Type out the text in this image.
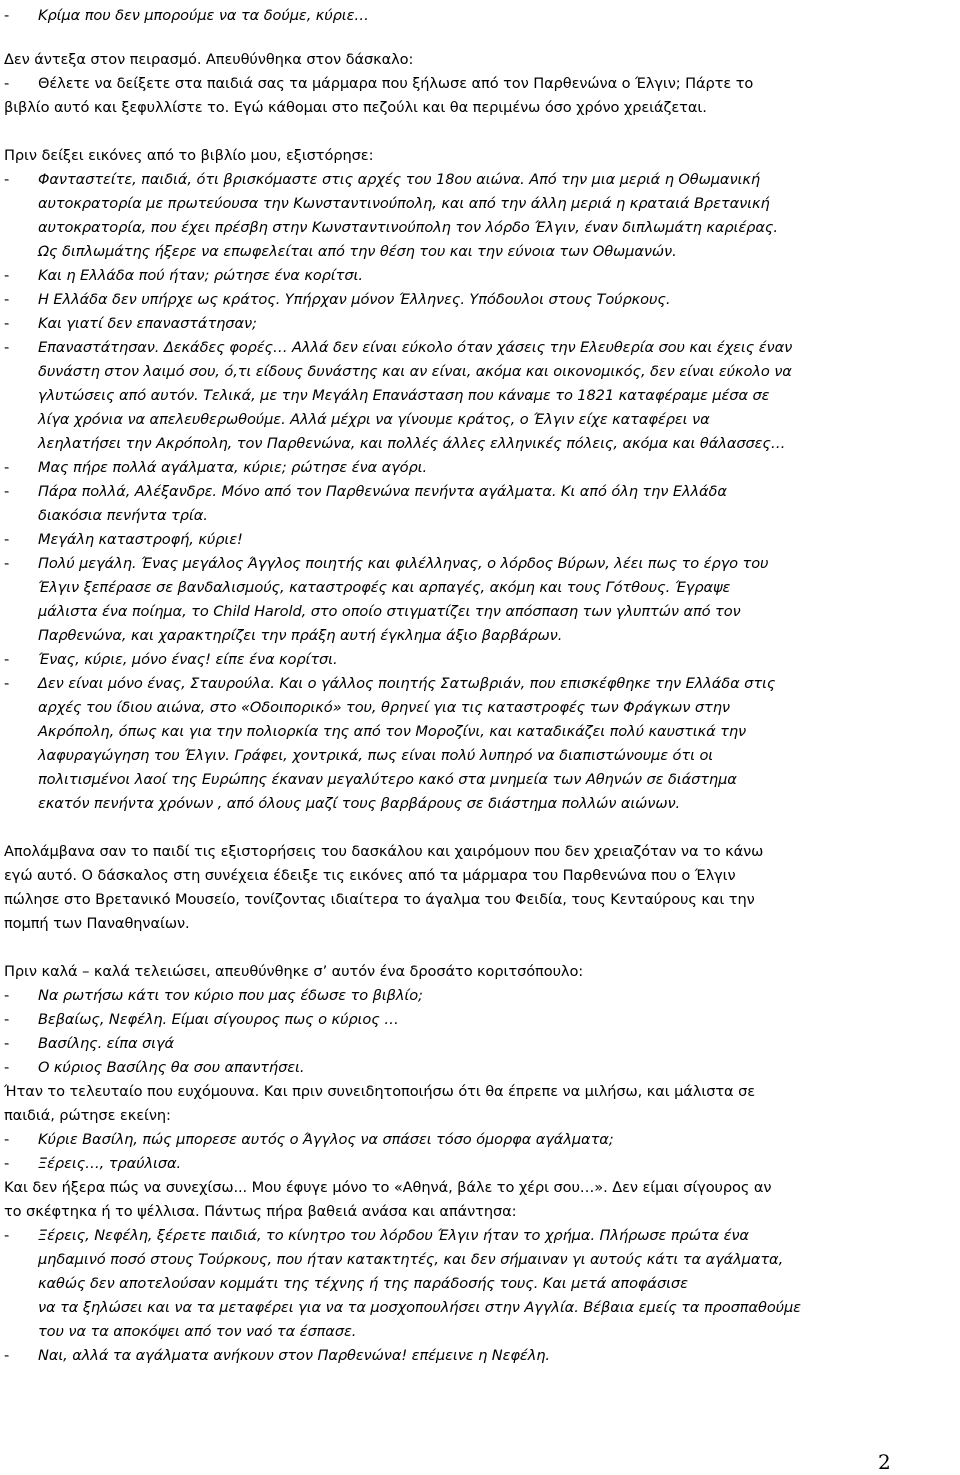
-	Κρίμα που δεν μπορούμε να τα δούμε, κύριε…
Δεν άντεξα στον πειρασμό. Απευθύνθηκα στον δάσκαλο:
-	Θέλετε να δείξετε στα παιδιά σας τα μάρμαρα που ξήλωσε από τον Παρθενώνα ο Έλγιν; Πάρτε το
βιβλίο αυτό και ξεφυλλίστε το. Εγώ κάθομαι στο πεζούλι και θα περιμένω όσο χρόνο χρειάζεται.
Πριν δείξει εικόνες από το βιβλίο μου, εξιστόρησε:
-	Φανταστείτε, παιδιά, ότι βρισκόμαστε στις αρχές του 18ου αιώνα. Από την μια μεριά η Οθωμανική
αυτοκρατορία με πρωτεύουσα την Κωνσταντινούπολη, και από την άλλη μεριά η κραταιά Βρετανική
αυτοκρατορία, που έχει πρέσβη στην Κωνσταντινούπολη τον λόρδο Έλγιν, έναν διπλωμάτη καριέρας.
Ως διπλωμάτης ήξερε να επωφελείται από την θέση του και την εύνοια των Οθωμανών.
-	Και η Ελλάδα πού ήταν; ρώτησε ένα κορίτσι.
-	Η Ελλάδα δεν υπήρχε ως κράτος. Υπήρχαν μόνον Έλληνες. Υπόδουλοι στους Τούρκους.
-	Και γιατί δεν επαναστάτησαν;
-	Επαναστάτησαν. Δεκάδες φορές… Αλλά δεν είναι εύκολο όταν χάσεις την Ελευθερία σου και έχεις έναν
δυνάστη στον λαιμό σου, ό,τι είδους δυνάστης και αν είναι, ακόμα και οικονομικός, δεν είναι εύκολο να
γλυτώσεις από αυτόν. Τελικά, με την Μεγάλη Επανάσταση που κάναμε το 1821 καταφέραμε μέσα σε
λίγα χρόνια να απελευθερωθούμε. Αλλά μέχρι να γίνουμε κράτος, ο Έλγιν είχε καταφέρει να
λεηλατήσει την Ακρόπολη, τον Παρθενώνα, και πολλές άλλες ελληνικές πόλεις, ακόμα και θάλασσες…
-	Μας πήρε πολλά αγάλματα, κύριε; ρώτησε ένα αγόρι.
-	Πάρα πολλά, Αλέξανδρε. Μόνο από τον Παρθενώνα πενήντα αγάλματα. Κι από όλη την Ελλάδα
διακόσια πενήντα τρία.
-	Μεγάλη καταστροφή, κύριε!
-	Πολύ μεγάλη. Ένας μεγάλος Άγγλος ποιητής και φιλέλληνας, ο λόρδος Βύρων, λέει πως το έργο του
Έλγιν ξεπέρασε σε βανδαλισμούς, καταστροφές και αρπαγές, ακόμη και τους Γότθους. Έγραψε
μάλιστα ένα ποίημα, το Child Harold, στο οποίο στιγματίζει την απόσπαση των γλυπτών από τον
Παρθενώνα, και χαρακτηρίζει την πράξη αυτή έγκλημα άξιο βαρβάρων.
-	Ένας, κύριε, μόνο ένας! είπε ένα κορίτσι.
-	Δεν είναι μόνο ένας, Σταυρούλα. Και ο γάλλος ποιητής Σατωβριάν, που επισκέφθηκε την Ελλάδα στις
αρχές του ίδιου αιώνα, στο «Οδοιπορικό» του, θρηνεί για τις καταστροφές των Φράγκων στην
Ακρόπολη, όπως και για την πολιορκία της από τον Μοροζίνι, και καταδικάζει πολύ καυστικά την
λαφυραγώγηση του Έλγιν. Γράφει, χοντρικά, πως είναι πολύ λυπηρό να διαπιστώνουμε ότι οι
πολιτισμένοι λαοί της Ευρώπης έκαναν μεγαλύτερο κακό στα μνημεία των Αθηνών σε διάστημα
εκατόν πενήντα χρόνων , από όλους μαζί τους βαρβάρους σε διάστημα πολλών αιώνων.
Απολάμβανα σαν το παιδί τις εξιστορήσεις του δασκάλου και χαιρόμουν που δεν χρειαζόταν να το κάνω
εγώ αυτό. Ο δάσκαλος στη συνέχεια έδειξε τις εικόνες από τα μάρμαρα του Παρθενώνα που ο Έλγιν
πώλησε στο Βρετανικό Μουσείο, τονίζοντας ιδιαίτερα το άγαλμα του Φειδία, τους Κενταύρους και την
πομπή των Παναθηναίων.
Πριν καλά – καλά τελειώσει, απευθύνθηκε σ’ αυτόν ένα δροσάτο κοριτσόπουλο:
-	Να ρωτήσω κάτι τον κύριο που μας έδωσε το βιβλίο;
-	Βεβαίως, Νεφέλη. Είμαι σίγουρος πως ο κύριος …
-	Βασίλης. είπα σιγά
-	Ο κύριος Βασίλης θα σου απαντήσει.
Ήταν το τελευταίο που ευχόμουνα. Και πριν συνειδητοποιήσω ότι θα έπρεπε να μιλήσω, και μάλιστα σε
παιδιά, ρώτησε εκείνη:
-	Κύριε Βασίλη, πώς μπορεσε αυτός ο Άγγλος να σπάσει τόσο όμορφα αγάλματα;
-	Ξέρεις…, τραύλισα.
Και δεν ήξερα πώς να συνεχίσω... Μου έφυγε μόνο το «Αθηνά, βάλε το χέρι σου…». Δεν είμαι σίγουρος αν
το σκέφτηκα ή το ψέλλισα. Πάντως πήρα βαθειά ανάσα και απάντησα:
-	Ξέρεις, Νεφέλη, ξέρετε παιδιά, το κίνητρο του λόρδου Έλγιν ήταν το χρήμα. Πλήρωσε πρώτα ένα
μηδαμινό ποσό στους Τούρκους, που ήταν κατακτητές, και δεν σήμαιναν γι αυτούς κάτι τα αγάλματα,
καθώς δεν αποτελούσαν κομμάτι της τέχνης ή της παράδοσής τους. Και μετά αποφάσισε
να τα ξηλώσει και να τα μεταφέρει για να τα μοσχοπουλήσει στην Αγγλία. Βέβαια εμείς τα προσπαθούμε
του να τα αποκόψει από τον ναό τα έσπασε.
-	Ναι, αλλά τα αγάλματα ανήκουν στον Παρθενώνα! επέμεινε η Νεφέλη.
2
